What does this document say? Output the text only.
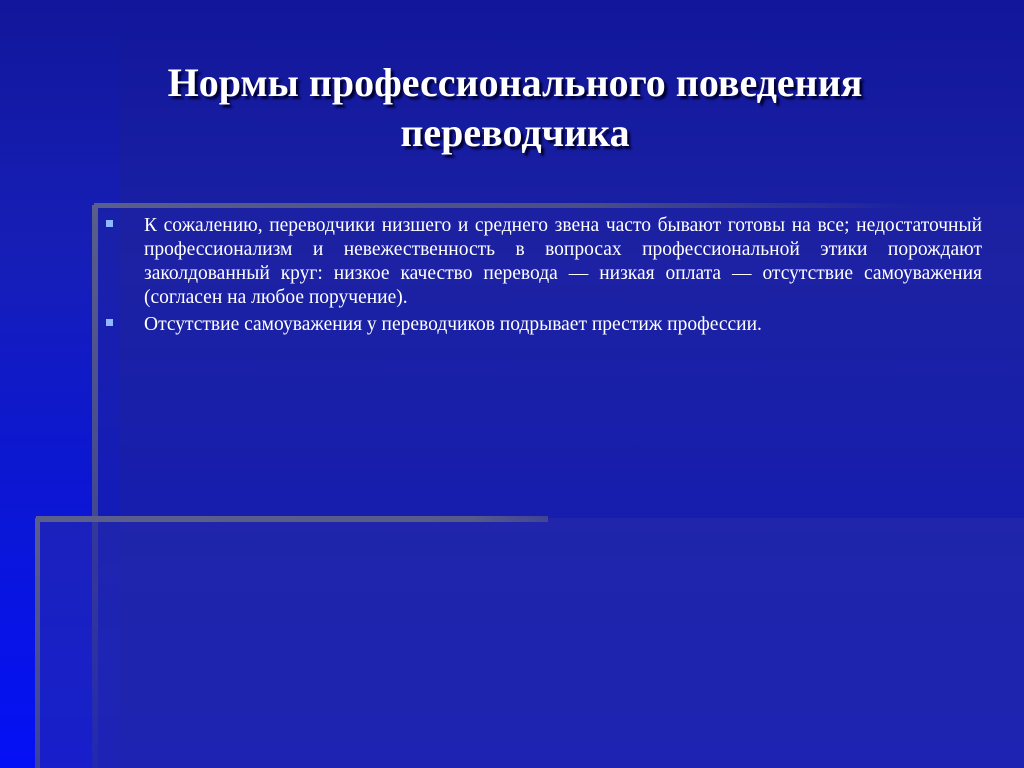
Нормы профессионального поведения переводчика
К сожалению, переводчики низшего и среднего звена часто бывают готовы на все; недостаточный профессионализм и невежественность в вопросах профессиональной этики порождают заколдованный круг: низкое качество перевода — низкая оплата — отсутствие самоуважения (согласен на любое поручение).
Отсутствие самоуважения у переводчиков подрывает престиж профессии.
